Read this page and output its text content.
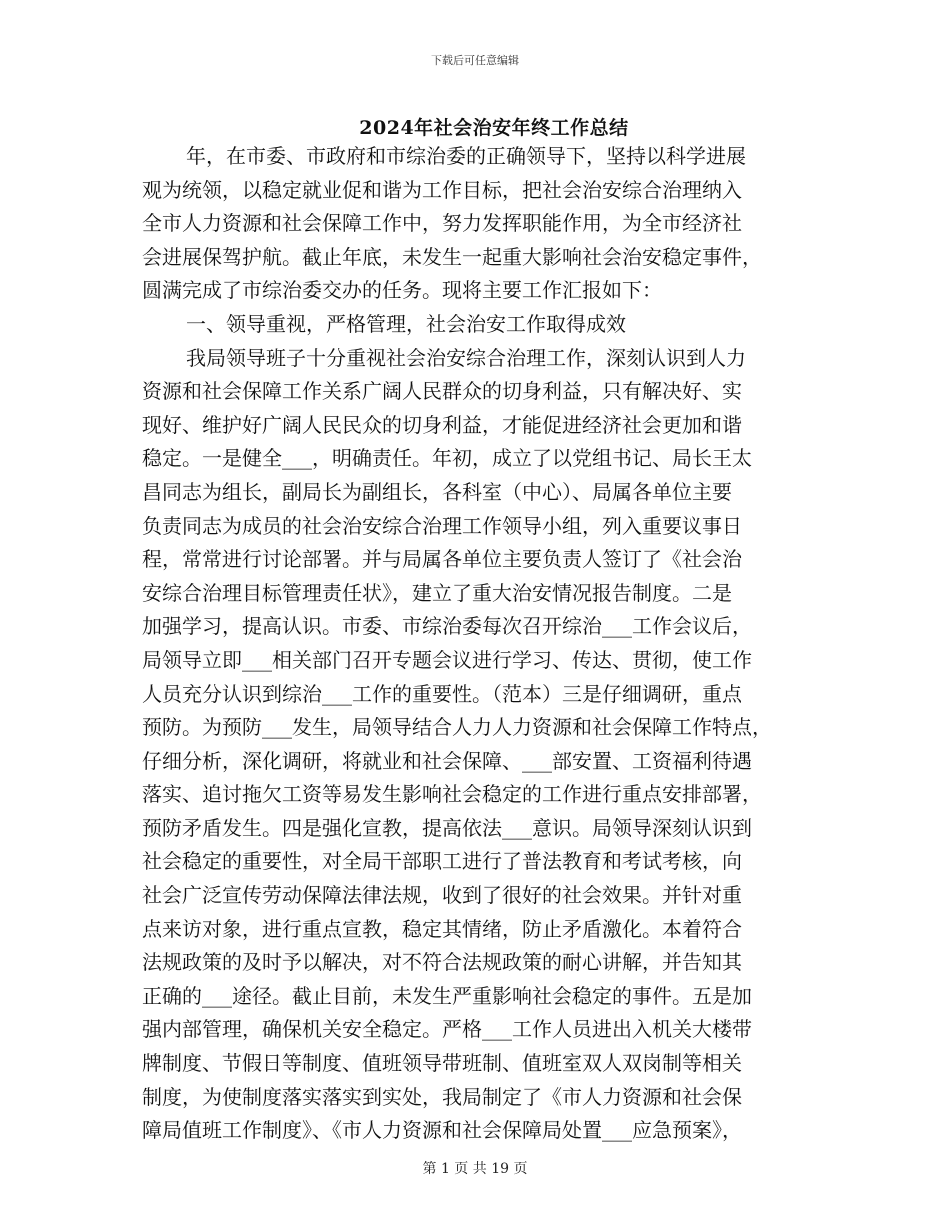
下载后可任意编辑
2024年社会治安年终工作总结
年，在市委、市政府和市综治委的正确领导下，坚持以科学进展
观为统领，以稳定就业促和谐为工作目标，把社会治安综合治理纳入
全市人力资源和社会保障工作中，努力发挥职能作用，为全市经济社
会进展保驾护航。截止年底，未发生一起重大影响社会治安稳定事件，
圆满完成了市综治委交办的任务。现将主要工作汇报如下：
一、领导重视，严格管理，社会治安工作取得成效
我局领导班子十分重视社会治安综合治理工作，深刻认识到人力
资源和社会保障工作关系广阔人民群众的切身利益，只有解决好、实
现好、维护好广阔人民民众的切身利益，才能促进经济社会更加和谐
稳定。一是健全___，明确责任。年初，成立了以党组书记、局长王太
昌同志为组长，副局长为副组长，各科室（中心）、局属各单位主要
负责同志为成员的社会治安综合治理工作领导小组，列入重要议事日
程，常常进行讨论部署。并与局属各单位主要负责人签订了《社会治
安综合治理目标管理责任状》，建立了重大治安情况报告制度。二是
加强学习，提高认识。市委、市综治委每次召开综治___工作会议后，
局领导立即___相关部门召开专题会议进行学习、传达、贯彻，使工作
人员充分认识到综治___工作的重要性。（范本）三是仔细调研，重点
预防。为预防___发生，局领导结合人力人力资源和社会保障工作特点，
仔细分析，深化调研，将就业和社会保障、___部安置、工资福利待遇
落实、追讨拖欠工资等易发生影响社会稳定的工作进行重点安排部署，
预防矛盾发生。四是强化宣教，提高依法___意识。局领导深刻认识到
社会稳定的重要性，对全局干部职工进行了普法教育和考试考核，向
社会广泛宣传劳动保障法律法规，收到了很好的社会效果。并针对重
点来访对象，进行重点宣教，稳定其情绪，防止矛盾激化。本着符合
法规政策的及时予以解决，对不符合法规政策的耐心讲解，并告知其
正确的___途径。截止目前，未发生严重影响社会稳定的事件。五是加
强内部管理，确保机关安全稳定。严格___工作人员进出入机关大楼带
牌制度、节假日等制度、值班领导带班制、值班室双人双岗制等相关
制度，为使制度落实落实到实处，我局制定了《市人力资源和社会保
障局值班工作制度》、《市人力资源和社会保障局处置___应急预案》，
第 1 页 共 19 页
